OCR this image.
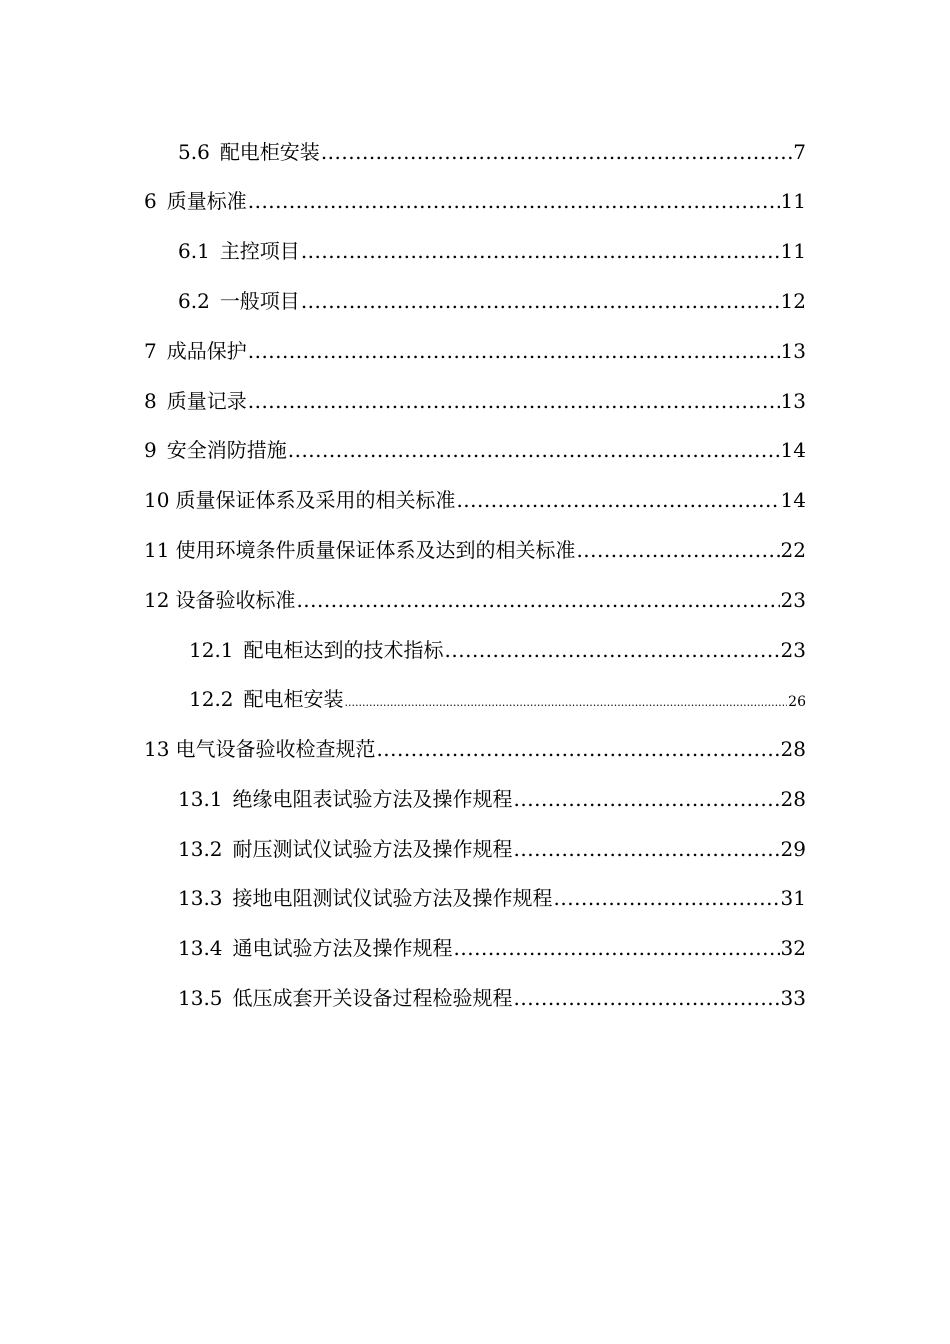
5.6 配电柜安装 .....	7
6 质量标准 .....	11
6.1 主控项目 .....	11
6.2 一般项目 .....	12
7 成品保护 .....	13
8 质量记录 .....	13
9 安全消防措施 .....	14
10 质量保证体系及采用的相关标准 .....	14
11 使用环境条件质量保证体系及达到的相关标准 .....	22
12 设备验收标准 .....	23
12.1 配电柜达到的技术指标 .....	23
12.2 配电柜安装 .....	26
13 电气设备验收检查规范 .....	28
13.1 绝缘电阻表试验方法及操作规程 .....	28
13.2 耐压测试仪试验方法及操作规程 .....	29
13.3 接地电阻测试仪试验方法及操作规程 .....	31
13.4 通电试验方法及操作规程 .....	32
13.5 低压成套开关设备过程检验规程 .....	33
